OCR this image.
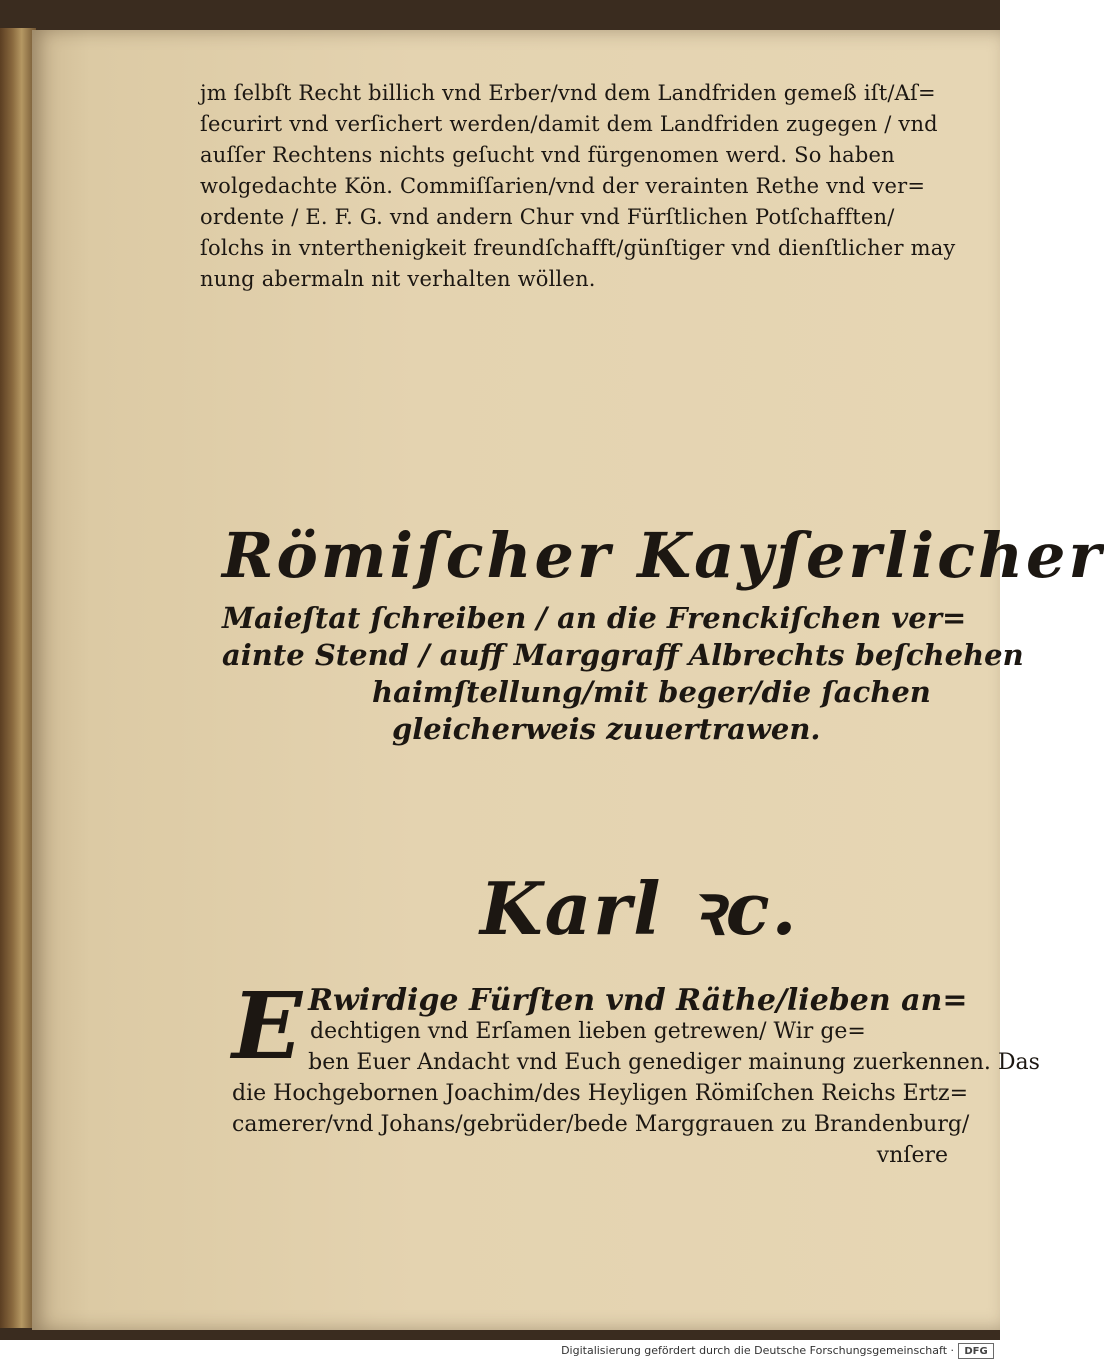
jm ſelbſt Recht billich vnd Erber/vnd dem Landfriden gemeß iſt/Aſ=
ſecurirt vnd verſichert werden/damit dem Landfriden zugegen / vnd
auſſer Rechtens nichts geſucht vnd fürgenomen werd. So haben
wolgedachte Kön. Commiſſarien/vnd der verainten Rethe vnd ver=
ordente / E. F. G. vnd andern Chur vnd Fürſtlichen Potſchafften/
ſolchs in vnterthenigkeit freundſchafft/günſtiger vnd dienſtlicher may
nung abermaln nit verhalten wöllen.
Römiſcher Kayſerlicher
Maieſtat ſchreiben / an die Frenckiſchen ver=
ainte Stend / auff Marggraff Albrechts beſchehen
haimſtellung/mit beger/die ſachen
gleicherweis zuuertrawen.
Karl ꝛc.
E Rwirdige Fürſten vnd Räthe/lieben an=
dechtigen vnd Erſamen lieben getrewen/ Wir ge=
ben Euer Andacht vnd Euch genediger mainung zuerkennen. Das
die Hochgebornen Joachim/des Heyligen Römiſchen Reichs Ertz=
camerer/vnd Johans/gebrüder/bede Marggrauen zu Brandenburg/
vnſere
Digitalisierung gefördert durch die Deutsche Forschungsgemeinschaft ·	DFG
